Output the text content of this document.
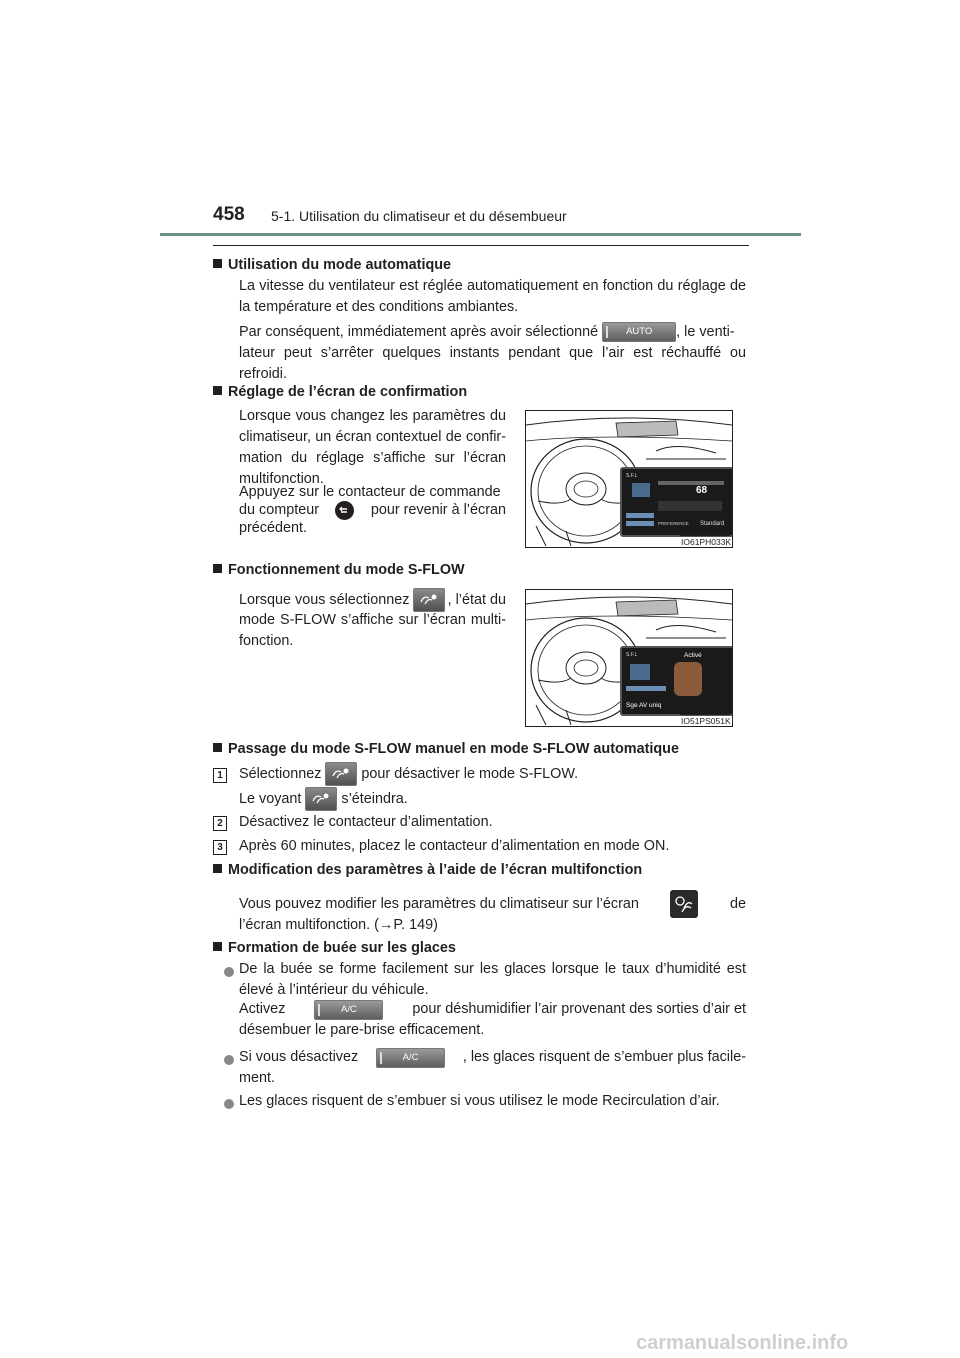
458 5-1. Utilisation du climatiseur et du désembueur
Utilisation du mode automatique
La vitesse du ventilateur est réglée automatiquement en fonction du réglage de la température et des conditions ambiantes.
Par conséquent, immédiatement après avoir sélectionné	AUTO , le venti-
lateur peut s’arrêter quelques instants pendant que l’air est réchauffé ou refroidi.
Réglage de l’écran de confirmation
Lorsque vous changez les paramètres du climatiseur, un écran contextuel de confir-mation du réglage s’affiche sur l’écran multifonction.
Appuyez sur le contacteur de commande
du compteur	pour revenir à l’écran
précédent.
S.F.L
68
PREFERENCE Standard
IO61PH033K
Fonctionnement du mode S-FLOW
Lorsque vous sélectionnez	, l’état du
mode S-FLOW s’affiche sur l’écran multi-fonction.
S.F.L	Activé
Sge AV uniq
IO51PS051K
Passage du mode S-FLOW manuel en mode S-FLOW automatique
1 Sélectionnez	pour désactiver le mode S-FLOW.
Le voyant	s’éteindra.
2 Désactivez le contacteur d’alimentation.
3 Après 60 minutes, placez le contacteur d’alimentation en mode ON.
Modification des paramètres à l’aide de l’écran multifonction
Vous pouvez modifier les paramètres du climatiseur sur l’écran	de
l’écran multifonction. (→P. 149)
Formation de buée sur les glaces
De la buée se forme facilement sur les glaces lorsque le taux d’humidité est élevé à l’intérieur du véhicule.
Activez	A/C	pour déshumidifier l’air provenant des sorties d’air et
désembuer le pare-brise efficacement.
Si vous désactivez	A/C	, les glaces risquent de s’embuer plus facile-
ment.
Les glaces risquent de s’embuer si vous utilisez le mode Recirculation d’air.
carmanualsonline.info
